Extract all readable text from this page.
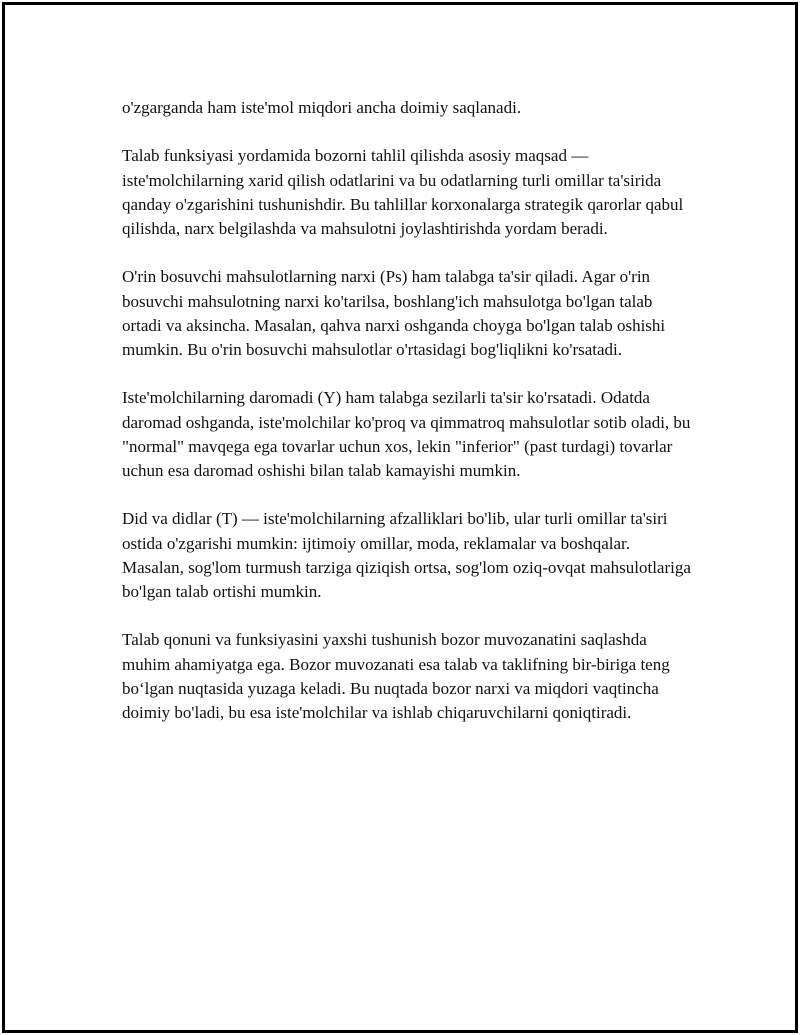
o'zgarganda ham iste'mol miqdori ancha doimiy saqlanadi.

Talab funksiyasi yordamida bozorni tahlil qilishda asosiy maqsad — iste'molchilarning xarid qilish odatlarini va bu odatlarning turli omillar ta'sirida qanday o'zgarishini tushunishdir. Bu tahlillar korxonalarga strategik qarorlar qabul qilishda, narx belgilashda va mahsulotni joylashtirishda yordam beradi.

O'rin bosuvchi mahsulotlarning narxi (Ps) ham talabga ta'sir qiladi. Agar o'rin bosuvchi mahsulotning narxi ko'tarilsa, boshlang'ich mahsulotga bo'lgan talab ortadi va aksincha. Masalan, qahva narxi oshganda choyga bo'lgan talab oshishi mumkin. Bu o'rin bosuvchi mahsulotlar o'rtasidagi bog'liqlikni ko'rsatadi.

Iste'molchilarning daromadi (Y) ham talabga sezilarli ta'sir ko'rsatadi. Odatda daromad oshganda, iste'molchilar ko'proq va qimmatroq mahsulotlar sotib oladi, bu "normal" mavqega ega tovarlar uchun xos, lekin "inferior" (past turdagi) tovarlar uchun esa daromad oshishi bilan talab kamayishi mumkin.

Did va didlar (T) — iste'molchilarning afzalliklari bo'lib, ular turli omillar ta'siri ostida o'zgarishi mumkin: ijtimoiy omillar, moda, reklamalar va boshqalar. Masalan, sog'lom turmush tarziga qiziqish ortsa, sog'lom oziq-ovqat mahsulotlariga bo'lgan talab ortishi mumkin.

Talab qonuni va funksiyasini yaxshi tushunish bozor muvozanatini saqlashda muhim ahamiyatga ega. Bozor muvozanati esa talab va taklifning bir-biriga teng bo‘lgan nuqtasida yuzaga keladi. Bu nuqtada bozor narxi va miqdori vaqtincha doimiy bo'ladi, bu esa iste'molchilar va ishlab chiqaruvchilarni qoniqtiradi.
